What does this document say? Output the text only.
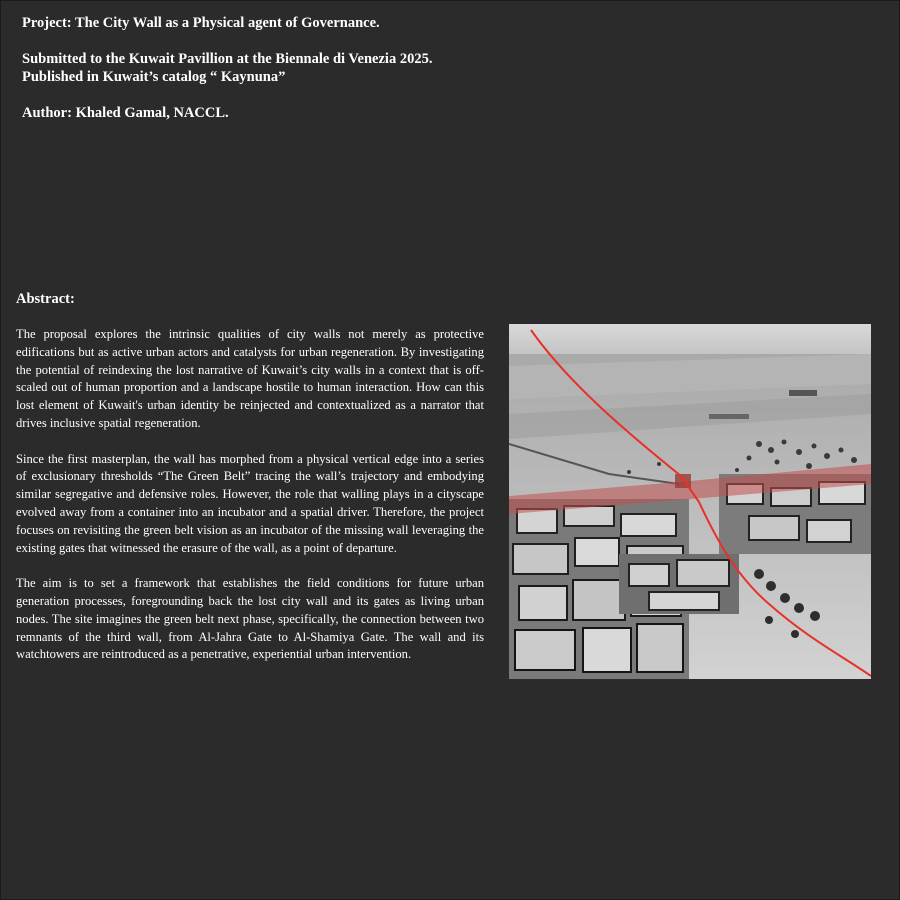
Project: The City Wall as a Physical agent of Governance.
Submitted to the Kuwait Pavillion at the Biennale di Venezia 2025.
Published in Kuwait’s catalog “ Kaynuna”
Author: Khaled Gamal, NACCL.
Abstract:

The proposal explores the intrinsic qualities of city walls not merely as protective edifications but as active urban actors and catalysts for urban regeneration. By investigating the potential of reindexing the lost narrative of Kuwait’s city walls in a context that is off-scaled out of human proportion and a landscape hostile to human interaction. How can this lost element of Kuwait's urban identity be reinjected and contextualized as a narrator that drives inclusive spatial regeneration.

Since the first masterplan, the wall has morphed from a physical vertical edge into a series of exclusionary thresholds “The Green Belt” tracing the wall’s trajectory and embodying similar segregative and defensive roles. However, the role that walling plays in a cityscape evolved away from a container into an incubator and a spatial driver. Therefore, the project focuses on revisiting the green belt vision as an incubator of the missing wall leveraging the existing gates that witnessed the erasure of the wall, as a point of departure.

The aim is to set a framework that establishes the field conditions for future urban generation processes, foregrounding back the lost city wall and its gates as living urban nodes. The site imagines the green belt next phase, specifically, the connection between two remnants of the third wall, from Al-Jahra Gate to Al-Shamiya Gate. The wall and its watchtowers are reintroduced as a penetrative, experiential urban intervention.
